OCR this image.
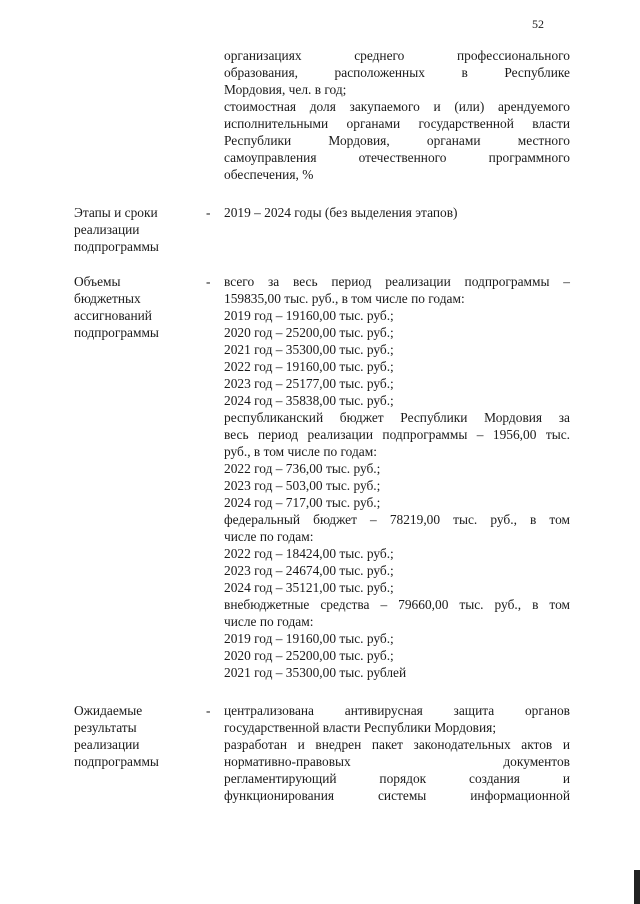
52
организациях среднего профессионального
образования, расположенных в Республике
Мордовия, чел. в год;
стоимостная доля закупаемого и (или) арендуемого
исполнительными органами государственной власти
Республики Мордовия, органами местного
самоуправления отечественного программного
обеспечения, %
Этапы и сроки
реализации
подпрограммы
- 2019 – 2024 годы (без выделения этапов)
Объемы
бюджетных
ассигнований
подпрограммы
- всего за весь период реализации подпрограммы –
159835,00 тыс. руб., в том числе по годам:
2019 год – 19160,00 тыс. руб.;
2020 год – 25200,00 тыс. руб.;
2021 год – 35300,00 тыс. руб.;
2022 год – 19160,00 тыс. руб.;
2023 год – 25177,00 тыс. руб.;
2024 год – 35838,00 тыс. руб.;
республиканский бюджет Республики Мордовия за
весь период реализации подпрограммы – 1956,00 тыс.
руб., в том числе по годам:
2022 год – 736,00 тыс. руб.;
2023 год – 503,00 тыс. руб.;
2024 год – 717,00 тыс. руб.;
федеральный бюджет – 78219,00 тыс. руб., в том
числе по годам:
2022 год – 18424,00 тыс. руб.;
2023 год – 24674,00 тыс. руб.;
2024 год – 35121,00 тыс. руб.;
внебюджетные средства – 79660,00 тыс. руб., в том
числе по годам:
2019 год – 19160,00 тыс. руб.;
2020 год – 25200,00 тыс. руб.;
2021 год – 35300,00 тыс. рублей
Ожидаемые
результаты
реализации
подпрограммы
- централизована антивирусная защита органов
государственной власти Республики Мордовия;
разработан и внедрен пакет законодательных актов и
нормативно-правовых документов
регламентирующий порядок создания и
функционирования системы информационной
